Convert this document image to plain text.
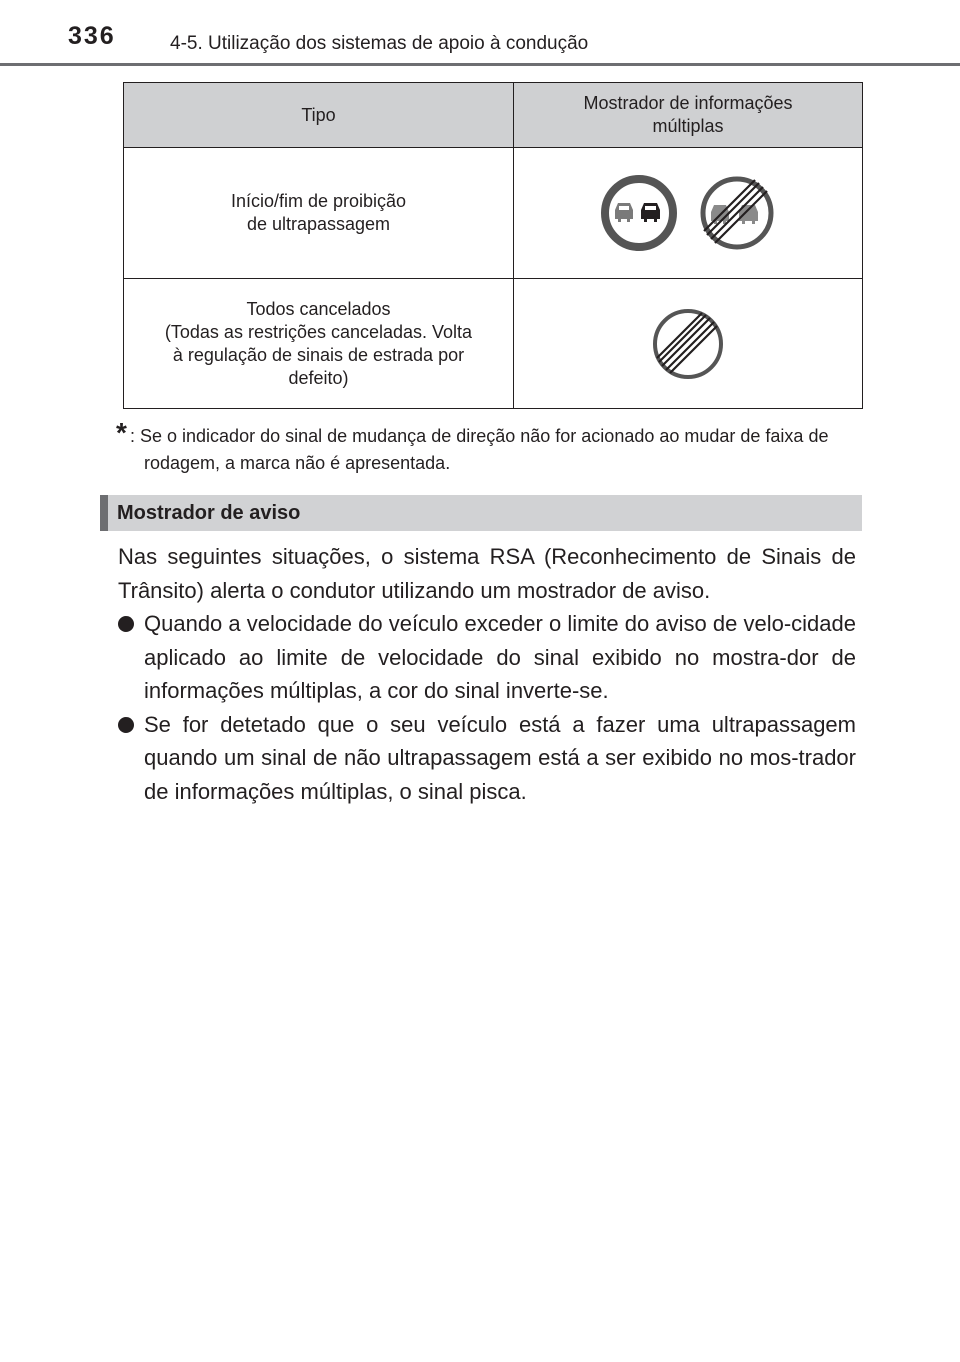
336	4-5. Utilização dos sistemas de apoio à condução
Tipo	Mostrador de informações múltiplas

Início/fim de proibição
de ultrapassagem

Todos cancelados
(Todas as restrições canceladas. Volta
à regulação de sinais de estrada por
defeito)

* : Se o indicador do sinal de mudança de direção não for acionado ao mudar de faixa de rodagem, a marca não é apresentada.
Mostrador de aviso
Nas seguintes situações, o sistema RSA (Reconhecimento de Sinais de Trânsito) alerta o condutor utilizando um mostrador de aviso.
Quando a velocidade do veículo exceder o limite do aviso de velo-cidade aplicado ao limite de velocidade do sinal exibido no mostra-dor de informações múltiplas, a cor do sinal inverte-se.
Se for detetado que o seu veículo está a fazer uma ultrapassagem quando um sinal de não ultrapassagem está a ser exibido no mos-trador de informações múltiplas, o sinal pisca.
